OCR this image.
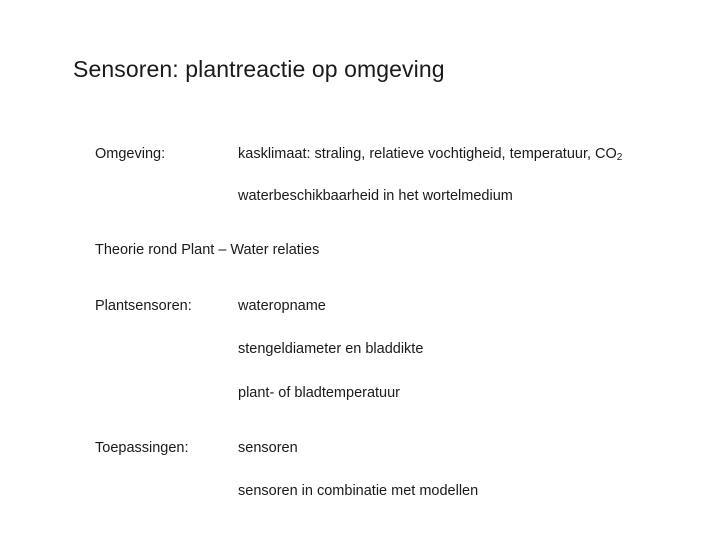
Sensoren: plantreactie op omgeving
Omgeving:	kasklimaat: straling, relatieve vochtigheid, temperatuur, $CO_2$
waterbeschikbaarheid in het wortelmedium
Theorie rond Plant – Water relaties
Plantsensoren:	wateropname
stengeldiameter en bladdikte
plant- of bladtemperatuur
Toepassingen:	sensoren
sensoren in combinatie met modellen
